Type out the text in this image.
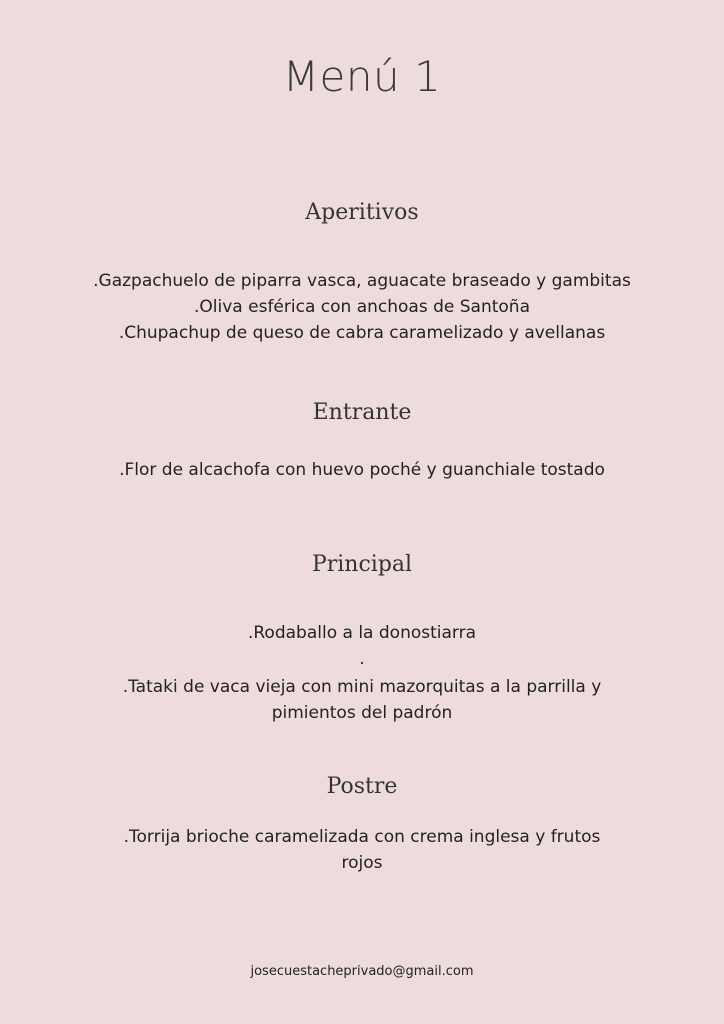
Menú 1
Aperitivos

.Gazpachuelo de piparra vasca, aguacate braseado y gambitas

.Oliva esférica con anchoas de Santoña

.Chupachup de queso de cabra caramelizado y avellanas

Entrante

.Flor de alcachofa con huevo poché y guanchiale tostado

Principal

.Rodaballo a la donostiarra

.

.Tataki de vaca vieja con mini mazorquitas a la parrilla y pimientos del padrón

Postre

.Torrija brioche caramelizada con crema inglesa y frutos rojos

josecuestacheprivado@gmail.com
